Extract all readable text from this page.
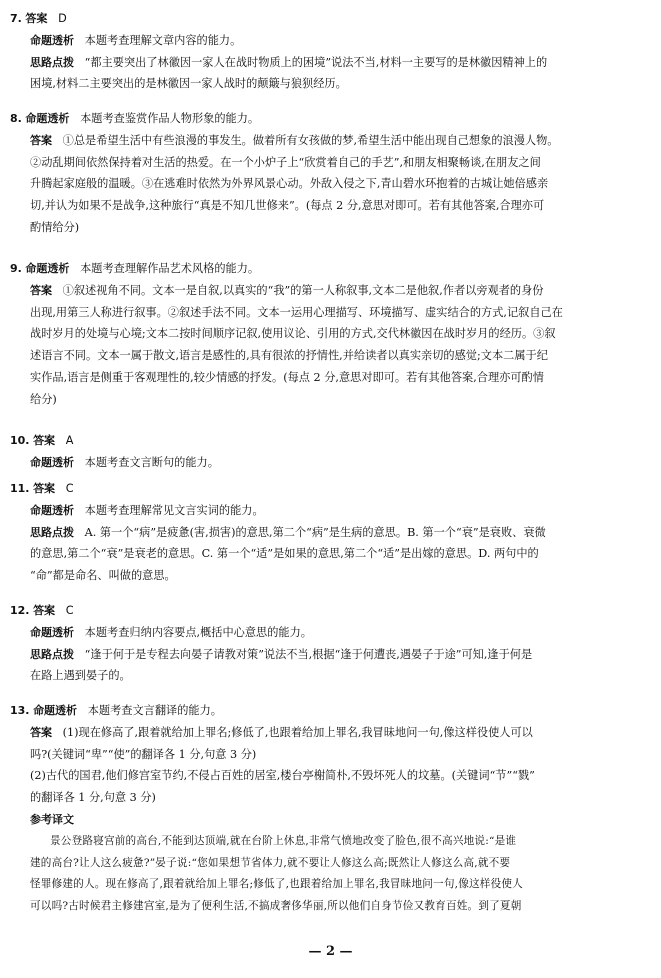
7. 答案 D

命题透析 本题考查理解文章内容的能力。

思路点拨 “都主要突出了林徽因一家人在战时物质上的困境”说法不当,材料一主要写的是林徽因精神上的

困境,材料二主要突出的是林徽因一家人战时的颠簸与狼狈经历。

8. 命题透析 本题考查鉴赏作品人物形象的能力。

答案 ①总是希望生活中有些浪漫的事发生。做着所有女孩做的梦,希望生活中能出现自己想象的浪漫人物。

②动乱期间依然保持着对生活的热爱。在一个小炉子上“欣赏着自己的手艺”,和朋友相聚畅谈,在朋友之间

升腾起家庭般的温暖。③在逃难时依然为外界风景心动。外敌入侵之下,青山碧水环抱着的古城让她倍感亲

切,并认为如果不是战争,这种旅行“真是不知几世修来”。(每点 2 分,意思对即可。若有其他答案,合理亦可

酌情给分)

9. 命题透析 本题考查理解作品艺术风格的能力。

答案 ①叙述视角不同。文本一是自叙,以真实的“我”的第一人称叙事,文本二是他叙,作者以旁观者的身份

出现,用第三人称进行叙事。②叙述手法不同。文本一运用心理描写、环境描写、虚实结合的方式,记叙自己在

战时岁月的处境与心境;文本二按时间顺序记叙,使用议论、引用的方式,交代林徽因在战时岁月的经历。③叙

述语言不同。文本一属于散文,语言是感性的,具有很浓的抒情性,并给读者以真实亲切的感觉;文本二属于纪

实作品,语言是侧重于客观理性的,较少情感的抒发。(每点 2 分,意思对即可。若有其他答案,合理亦可酌情

给分)

10. 答案 A

命题透析 本题考查文言断句的能力。

11. 答案 C

命题透析 本题考查理解常见文言实词的能力。

思路点拨 A. 第一个“病”是疲惫(害,损害)的意思,第二个“病”是生病的意思。B. 第一个“衰”是衰败、衰微

的意思,第二个“衰”是衰老的意思。C. 第一个“适”是如果的意思,第二个“适”是出嫁的意思。D. 两句中的

“命”都是命名、叫做的意思。

12. 答案 C

命题透析 本题考查归纳内容要点,概括中心意思的能力。

思路点拨 “逢于何于是专程去向晏子请教对策”说法不当,根据“逢于何遭丧,遇晏子于途”可知,逢于何是

在路上遇到晏子的。

13. 命题透析 本题考查文言翻译的能力。

答案 (1)现在修高了,跟着就给加上罪名;修低了,也跟着给加上罪名,我冒昧地问一句,像这样役使人可以

吗?(关键词“卑”“使”的翻译各 1 分,句意 3 分)

(2)古代的国君,他们修宫室节约,不侵占百姓的居室,楼台亭榭简朴,不毁坏死人的坟墓。(关键词“节”“戮”

的翻译各 1 分,句意 3 分)

参考译文

景公登路寝宫前的高台,不能到达顶端,就在台阶上休息,非常气愤地改变了脸色,很不高兴地说:“是谁

建的高台?让人这么疲惫?”晏子说:“您如果想节省体力,就不要让人修这么高;既然让人修这么高,就不要

怪罪修建的人。现在修高了,跟着就给加上罪名;修低了,也跟着给加上罪名,我冒昧地问一句,像这样役使人

可以吗?古时候君主修建宫室,是为了便利生活,不搞成奢侈华丽,所以他们自身节俭又教育百姓。到了夏朝

— 2 —
